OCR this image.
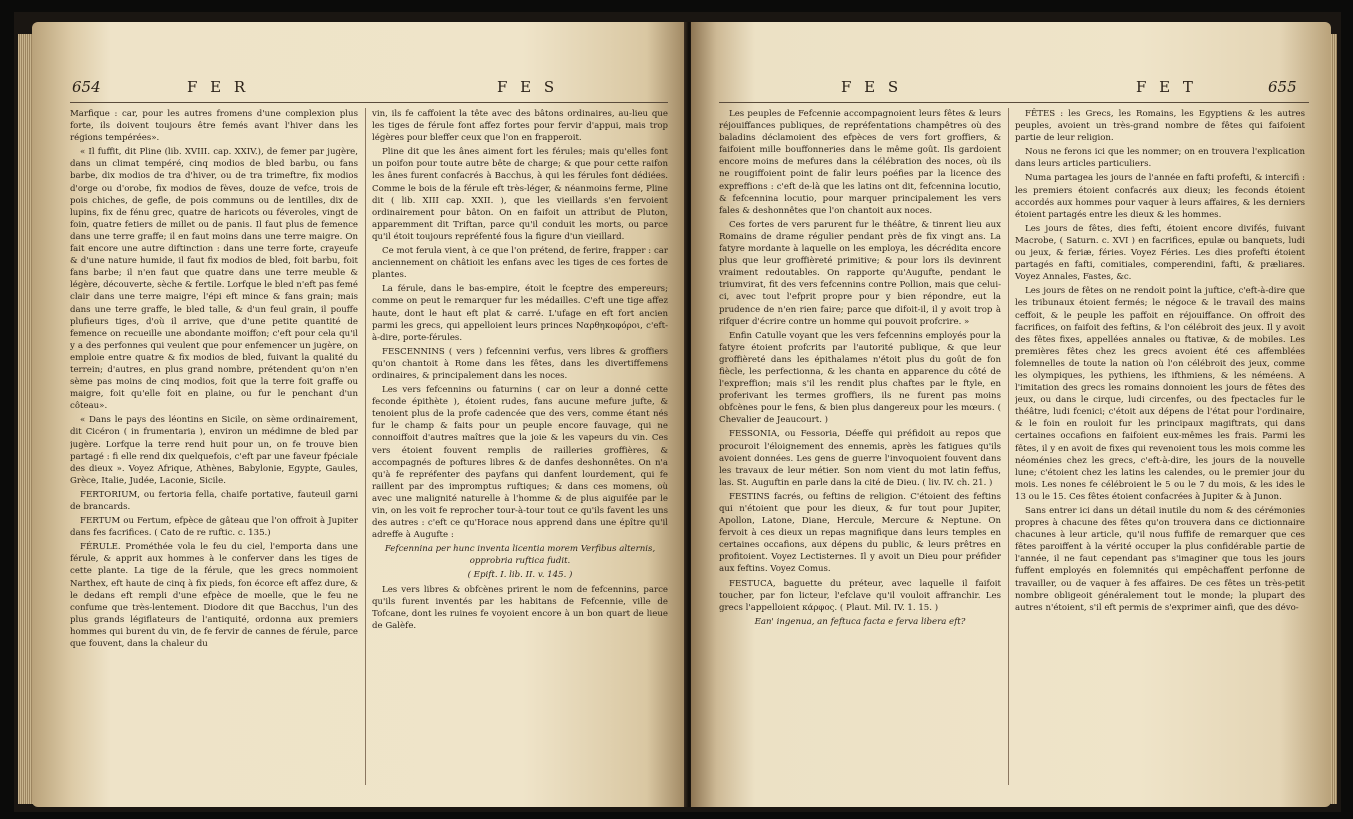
654	F E R	F E S

Marfique : car, pour les autres fromens d'une complexion plus forte, ils doivent toujours être femés avant l'hiver dans les régions tempérées».

« Il fuffit, dit Pline (lib. XVIII. cap. XXIV.), de femer par jugère, dans un climat tempéré, cinq modios de bled barbu, ou fans barbe, dix modios de tra d'hiver, ou de tra trimeftre, fix modios d'orge ou d'orobe, fix modios de fèves, douze de vefce, trois de pois chiches, de gefle, de pois communs ou de lentilles, dix de lupins, fix de fénu grec, quatre de haricots ou féveroles, vingt de foin, quatre fetiers de millet ou de panis. Il faut plus de femence dans une terre graffe; il en faut moins dans une terre maigre. On fait encore une autre diftinction : dans une terre forte, crayeufe & d'une nature humide, il faut fix modios de bled, foit barbu, foit fans barbe; il n'en faut que quatre dans une terre meuble & légère, découverte, sèche & fertile. Lorfque le bled n'eft pas femé clair dans une terre maigre, l'épi eft mince & fans grain; mais dans une terre graffe, le bled talle, & d'un feul grain, il pouffe plufieurs tiges, d'où il arrive, que d'une petite quantité de femence on recueille une abondante moiffon; c'eft pour cela qu'il y a des perfonnes qui veulent que pour enfemencer un jugère, on emploie entre quatre & fix modios de bled, fuivant la qualité du terrein; d'autres, en plus grand nombre, prétendent qu'on n'en sème pas moins de cinq modios, foit que la terre foit graffe ou maigre, foit qu'elle foit en plaine, ou fur le penchant d'un côteau».

« Dans le pays des léontins en Sicile, on sème ordinairement, dit Cicéron ( in frumentaria ), environ un médimne de bled par jugère. Lorfque la terre rend huit pour un, on fe trouve bien partagé : fi elle rend dix quelquefois, c'eft par une faveur fpéciale des dieux ». Voyez Afrique, Athènes, Babylonie, Egypte, Gaules, Grèce, Italie, Judée, Laconie, Sicile.

FERTORIUM, ou fertoria fella, chaife portative, fauteuil garni de brancards.

FERTUM ou Fertum, efpèce de gâteau que l'on offroit à Jupiter dans fes facrifices. ( Cato de re ruftic. c. 135.)

FÉRULE. Prométhée vola le feu du ciel, l'emporta dans une férule, & apprit aux hommes à le conferver dans les tiges de cette plante. La tige de la férule, que les grecs nommoient Narthex, eft haute de cinq à fix pieds, fon écorce eft affez dure, & le dedans eft rempli d'une efpèce de moelle, que le feu ne confume que très-lentement. Diodore dit que Bacchus, l'un des plus grands légiflateurs de l'antiquité, ordonna aux premiers hommes qui burent du vin, de fe fervir de cannes de férule, parce que fouvent, dans la chaleur du

vin, ils fe caffoient la tête avec des bâtons ordinaires, au-lieu que les tiges de férule font affez fortes pour fervir d'appui, mais trop légères pour bleffer ceux que l'on en frapperoit.

Pline dit que les ânes aiment fort les férules; mais qu'elles font un poifon pour toute autre bête de charge; & que pour cette raifon les ânes furent confacrés à Bacchus, à qui les férules font dédiées. Comme le bois de la férule eft très-léger, & néanmoins ferme, Pline dit ( lib. XIII cap. XXII. ), que les vieillards s'en fervoient ordinairement pour bâton. On en faifoit un attribut de Pluton, apparemment dit Triftan, parce qu'il conduit les morts, ou parce qu'il étoit toujours repréfenté fous la figure d'un vieillard.

Ce mot ferula vient, à ce que l'on prétend, de ferire, frapper : car anciennement on châtioit les enfans avec les tiges de ces fortes de plantes.

La férule, dans le bas-empire, étoit le fceptre des empereurs; comme on peut le remarquer fur les médailles. C'eft une tige affez haute, dont le haut eft plat & carré. L'ufage en eft fort ancien parmi les grecs, qui appelloient leurs princes Ναρθηκοφόροι, c'eft-à-dire, porte-férules.

FESCENNINS ( vers ) fefcennini verfus, vers libres & groffiers qu'on chantoit à Rome dans les fêtes, dans les divertiffemens ordinaires, & principalement dans les noces.

Les vers fefcennins ou faturnins ( car on leur a donné cette feconde épithète ), étoient rudes, fans aucune mefure jufte, & tenoient plus de la profe cadencée que des vers, comme étant nés fur le champ & faits pour un peuple encore fauvage, qui ne connoiffoit d'autres maîtres que la joie & les vapeurs du vin. Ces vers étoient fouvent remplis de railleries groffières, & accompagnés de poftures libres & de danfes deshonnêtes. On n'a qu'à fe repréfenter des payfans qui danfent lourdement, qui fe raillent par des impromptus ruftiques; & dans ces momens, où avec une malignité naturelle à l'homme & de plus aiguifée par le vin, on les voit fe reprocher tour-à-tour tout ce qu'ils favent les uns des autres : c'eft ce qu'Horace nous apprend dans une épître qu'il adreffe à Augufte :

Fefcennina per hunc inventa licentia morem Verfibus alternis, opprobria ruftica fudit.

( Epift. I. lib. II. v. 145. )

Les vers libres & obfcènes prirent le nom de fefcennins, parce qu'ils furent inventés par les habitans de Fefcennie, ville de Tofcane, dont les ruines fe voyoient encore à un bon quart de lieue de Galèfe.

F E S	F E T	655

Les peuples de Fefcennie accompagnoient leurs fêtes & leurs réjouiffances publiques, de repréfentations champêtres où des baladins déclamoient des efpèces de vers fort groffiers, & faifoient mille bouffonneries dans le même goût. Ils gardoient encore moins de mefures dans la célébration des noces, où ils ne rougiffoient point de falir leurs poéfies par la licence des expreffions : c'eft de-là que les latins ont dit, fefcennina locutio, & fefcennina locutio, pour marquer principalement les vers fales & deshonnêtes que l'on chantoit aux noces.

Ces fortes de vers parurent fur le théâtre, & tinrent lieu aux Romains de drame régulier pendant près de fix vingt ans. La fatyre mordante à laquelle on les employa, les décrédita encore plus que leur groffièreté primitive; & pour lors ils devinrent vraiment redoutables. On rapporte qu'Augufte, pendant le triumvirat, fit des vers fefcennins contre Pollion, mais que celui-ci, avec tout l'efprit propre pour y bien répondre, eut la prudence de n'en rien faire; parce que difoit-il, il y avoit trop à rifquer d'écrire contre un homme qui pouvoit profcrire. »

Enfin Catulle voyant que les vers fefcennins employés pour la fatyre étoient profcrits par l'autorité publique, & que leur groffièreté dans les épithalames n'étoit plus du goût de fon fiècle, les perfectionna, & les chanta en apparence du côté de l'expreffion; mais s'il les rendit plus chaftes par le ftyle, en proferivant les termes groffiers, ils ne furent pas moins obfcènes pour le fens, & bien plus dangereux pour les mœurs. ( Chevalier de Jeaucourt. )

FESSONIA, ou Fessoria, Déeffe qui préfidoit au repos que procuroit l'éloignement des ennemis, après les fatigues qu'ils avoient données. Les gens de guerre l'invoquoient fouvent dans les travaux de leur métier. Son nom vient du mot latin feffus, las. St. Auguftin en parle dans la cité de Dieu. ( liv. IV. ch. 21. )

FESTINS facrés, ou feftins de religion. C'étoient des feftins qui n'étoient que pour les dieux, & fur tout pour Jupiter, Apollon, Latone, Diane, Hercule, Mercure & Neptune. On fervoit à ces dieux un repas magnifique dans leurs temples en certaines occafions, aux dépens du public, & leurs prêtres en profitoient. Voyez Lectisternes. Il y avoit un Dieu pour préfider aux feftins. Voyez Comus.

FESTUCA, baguette du préteur, avec laquelle il faifoit toucher, par fon licteur, l'efclave qu'il vouloit affranchir. Les grecs l'appelloient κάρφος. ( Plaut. Mil. IV. 1. 15. )

Ean' ingenua, an feftuca facta e ferva libera eft?

FÊTES : les Grecs, les Romains, les Egyptiens & les autres peuples, avoient un très-grand nombre de fêtes qui faifoient partie de leur religion.

Nous ne ferons ici que les nommer; on en trouvera l'explication dans leurs articles particuliers.

Numa partagea les jours de l'année en fafti profefti, & intercifi : les premiers étoient confacrés aux dieux; les feconds étoient accordés aux hommes pour vaquer à leurs affaires, & les derniers étoient partagés entre les dieux & les hommes.

Les jours de fêtes, dies fefti, étoient encore divifés, fuivant Macrobe, ( Saturn. c. XVI ) en facrifices, epulæ ou banquets, ludi ou jeux, & feriæ, féries. Voyez Féries. Les dies profefti étoient partagés en fafti, comitiales, comperendini, fafti, & præliares. Voyez Annales, Fastes, &c.

Les jours de fêtes on ne rendoit point la juftice, c'eft-à-dire que les tribunaux étoient fermés; le négoce & le travail des mains ceffoit, & le peuple les paffoit en réjouiffance. On offroit des facrifices, on faifoit des feftins, & l'on célébroit des jeux. Il y avoit des fêtes fixes, appellées annales ou ftativæ, & de mobiles. Les premières fêtes chez les grecs avoient été ces affemblées folemnelles de toute la nation où l'on célébroit des jeux, comme les olympiques, les pythiens, les ifthmiens, & les néméens. A l'imitation des grecs les romains donnoient les jours de fêtes des jeux, ou dans le cirque, ludi circenfes, ou des fpectacles fur le théâtre, ludi fcenici; c'étoit aux dépens de l'état pour l'ordinaire, & le foin en rouloit fur les principaux magiftrats, qui dans certaines occafions en faifoient eux-mêmes les frais. Parmi les fêtes, il y en avoit de fixes qui revenoient tous les mois comme les néoménies chez les grecs, c'eft-à-dire, les jours de la nouvelle lune; c'étoient chez les latins les calendes, ou le premier jour du mois. Les nones fe célébroient le 5 ou le 7 du mois, & les ides le 13 ou le 15. Ces fêtes étoient confacrées à Jupiter & à Junon.

Sans entrer ici dans un détail inutile du nom & des cérémonies propres à chacune des fêtes qu'on trouvera dans ce dictionnaire chacunes à leur article, qu'il nous fuffife de remarquer que ces fêtes paroiffent à la vérité occuper la plus confidérable partie de l'année, il ne faut cependant pas s'imaginer que tous les jours fuffent employés en folemnités qui empêchaffent perfonne de travailler, ou de vaquer à fes affaires. De ces fêtes un très-petit nombre obligeoit généralement tout le monde; la plupart des autres n'étoient, s'il eft permis de s'exprimer ainfi, que des dévo-
